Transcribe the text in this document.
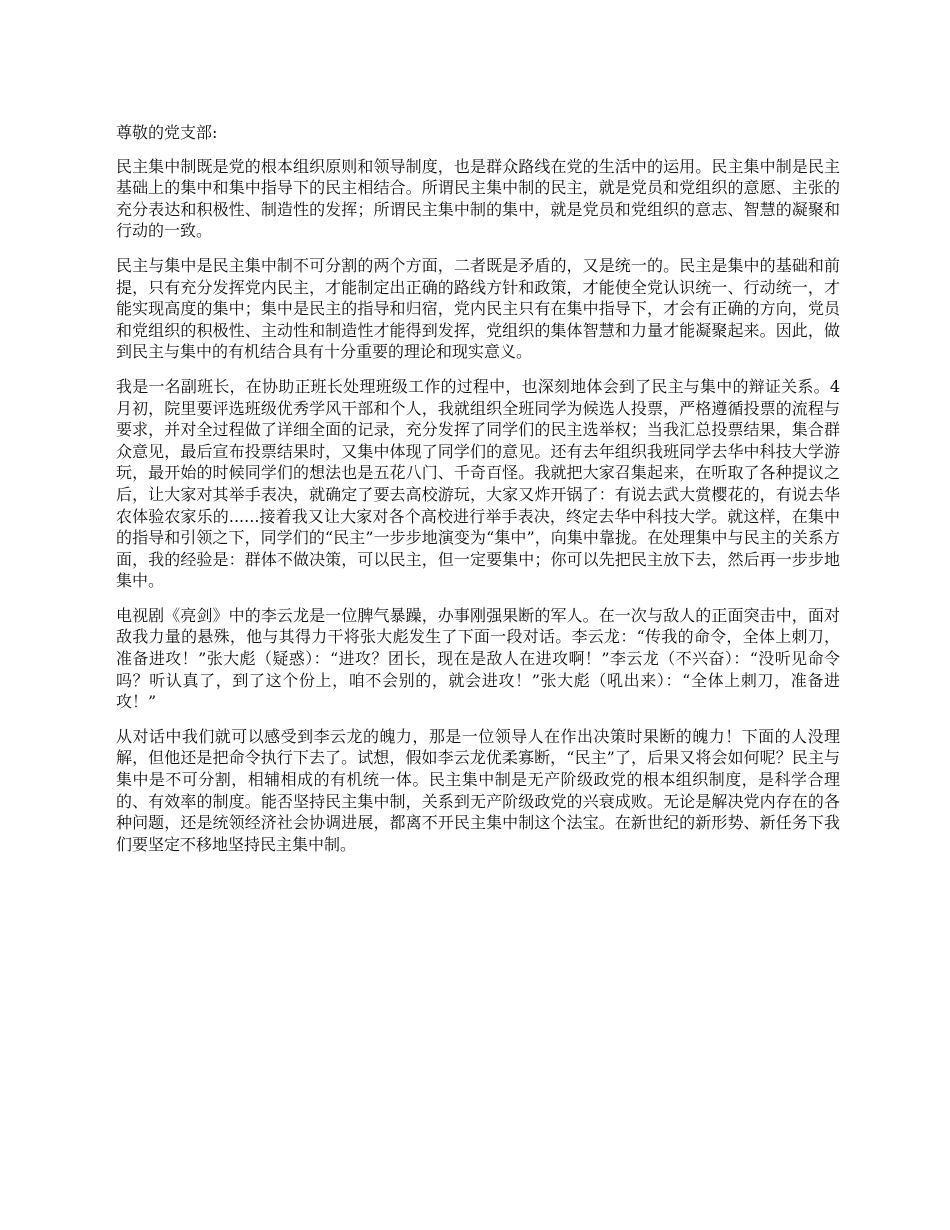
尊敬的党支部:

民主集中制既是党的根本组织原则和领导制度，也是群众路线在党的生活中的运用。民主集中制是民主基础上的集中和集中指导下的民主相结合。所谓民主集中制的民主，就是党员和党组织的意愿、主张的充分表达和积极性、制造性的发挥；所谓民主集中制的集中，就是党员和党组织的意志、智慧的凝聚和行动的一致。

民主与集中是民主集中制不可分割的两个方面，二者既是矛盾的，又是统一的。民主是集中的基础和前提，只有充分发挥党内民主，才能制定出正确的路线方针和政策，才能使全党认识统一、行动统一，才能实现高度的集中；集中是民主的指导和归宿，党内民主只有在集中指导下，才会有正确的方向，党员和党组织的积极性、主动性和制造性才能得到发挥，党组织的集体智慧和力量才能凝聚起来。因此，做到民主与集中的有机结合具有十分重要的理论和现实意义。

我是一名副班长，在协助正班长处理班级工作的过程中，也深刻地体会到了民主与集中的辩证关系。4月初，院里要评选班级优秀学风干部和个人，我就组织全班同学为候选人投票，严格遵循投票的流程与要求，并对全过程做了详细全面的记录，充分发挥了同学们的民主选举权；当我汇总投票结果，集合群众意见，最后宣布投票结果时，又集中体现了同学们的意见。还有去年组织我班同学去华中科技大学游玩，最开始的时候同学们的想法也是五花八门、千奇百怪。我就把大家召集起来，在听取了各种提议之后，让大家对其举手表决，就确定了要去高校游玩，大家又炸开锅了：有说去武大赏樱花的，有说去华农体验农家乐的......接着我又让大家对各个高校进行举手表决，终定去华中科技大学。就这样，在集中的指导和引领之下，同学们的“民主”一步步地演变为“集中”，向集中靠拢。在处理集中与民主的关系方面，我的经验是：群体不做决策，可以民主，但一定要集中；你可以先把民主放下去，然后再一步步地集中。

电视剧《亮剑》中的李云龙是一位脾气暴躁，办事刚强果断的军人。在一次与敌人的正面突击中，面对敌我力量的悬殊，他与其得力干将张大彪发生了下面一段对话。李云龙：“传我的命令，全体上刺刀，准备进攻！”张大彪（疑惑）：“进攻？团长，现在是敌人在进攻啊！”李云龙（不兴奋）：“没听见命令吗？听认真了，到了这个份上，咱不会别的，就会进攻！”张大彪（吼出来）：“全体上刺刀，准备进攻！”

从对话中我们就可以感受到李云龙的魄力，那是一位领导人在作出决策时果断的魄力！下面的人没理解，但他还是把命令执行下去了。试想，假如李云龙优柔寡断，“民主”了，后果又将会如何呢？民主与集中是不可分割，相辅相成的有机统一体。民主集中制是无产阶级政党的根本组织制度，是科学合理的、有效率的制度。能否坚持民主集中制，关系到无产阶级政党的兴衰成败。无论是解决党内存在的各种问题，还是统领经济社会协调进展，都离不开民主集中制这个法宝。在新世纪的新形势、新任务下我们要坚定不移地坚持民主集中制。
